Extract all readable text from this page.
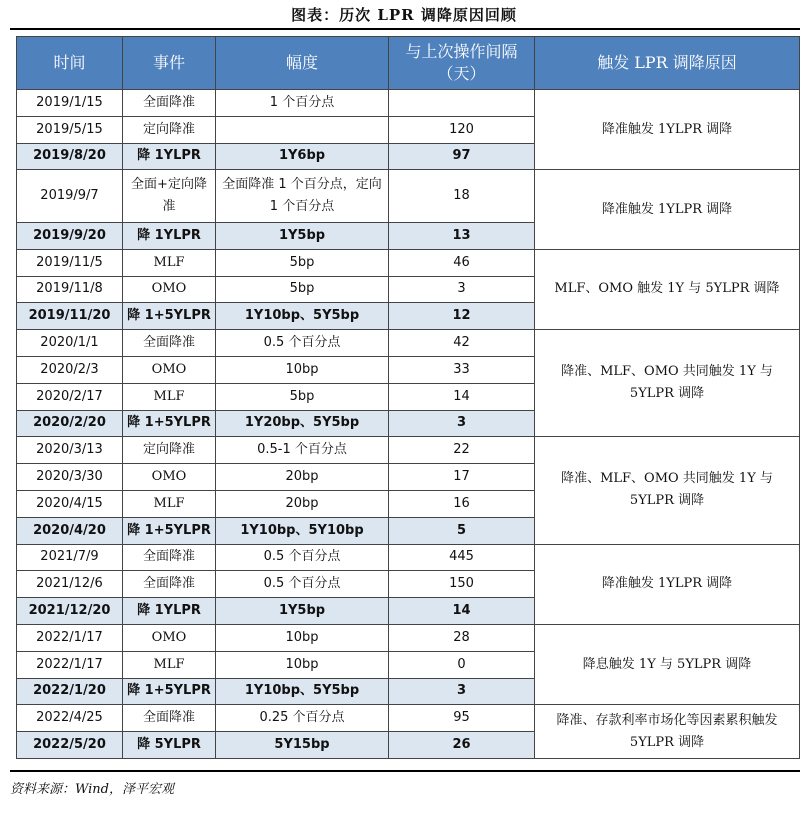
图表：历次 LPR 调降原因回顾
时间	事件	幅度	与上次操作间隔（天）	触发 LPR 调降原因
2019/1/15	全面降准	1 个百分点		降准触发 1YLPR 调降
2019/5/15	定向降准		120	
2019/8/20	降 1YLPR	1Y6bp	97	
2019/9/7	全面+定向降准	全面降准 1 个百分点，定向 1 个百分点	18	降准触发 1YLPR 调降
2019/9/20	降 1YLPR	1Y5bp	13	
2019/11/5	MLF	5bp	46	MLF、OMO 触发 1Y 与 5YLPR 调降
2019/11/8	OMO	5bp	3	
2019/11/20	降 1+5YLPR	1Y10bp、5Y5bp	12	
2020/1/1	全面降准	0.5 个百分点	42	降准、MLF、OMO 共同触发 1Y 与 5YLPR 调降
2020/2/3	OMO	10bp	33	
2020/2/17	MLF	5bp	14	
2020/2/20	降 1+5YLPR	1Y20bp、5Y5bp	3	
2020/3/13	定向降准	0.5-1 个百分点	22	降准、MLF、OMO 共同触发 1Y 与 5YLPR 调降
2020/3/30	OMO	20bp	17	
2020/4/15	MLF	20bp	16	
2020/4/20	降 1+5YLPR	1Y10bp、5Y10bp	5	
2021/7/9	全面降准	0.5 个百分点	445	降准触发 1YLPR 调降
2021/12/6	全面降准	0.5 个百分点	150	
2021/12/20	降 1YLPR	1Y5bp	14	
2022/1/17	OMO	10bp	28	降息触发 1Y 与 5YLPR 调降
2022/1/17	MLF	10bp	0	
2022/1/20	降 1+5YLPR	1Y10bp、5Y5bp	3	
2022/4/25	全面降准	0.25 个百分点	95	降准、存款利率市场化等因素累积触发 5YLPR 调降
2022/5/20	降 5YLPR	5Y15bp	26	
资料来源：Wind，泽平宏观
